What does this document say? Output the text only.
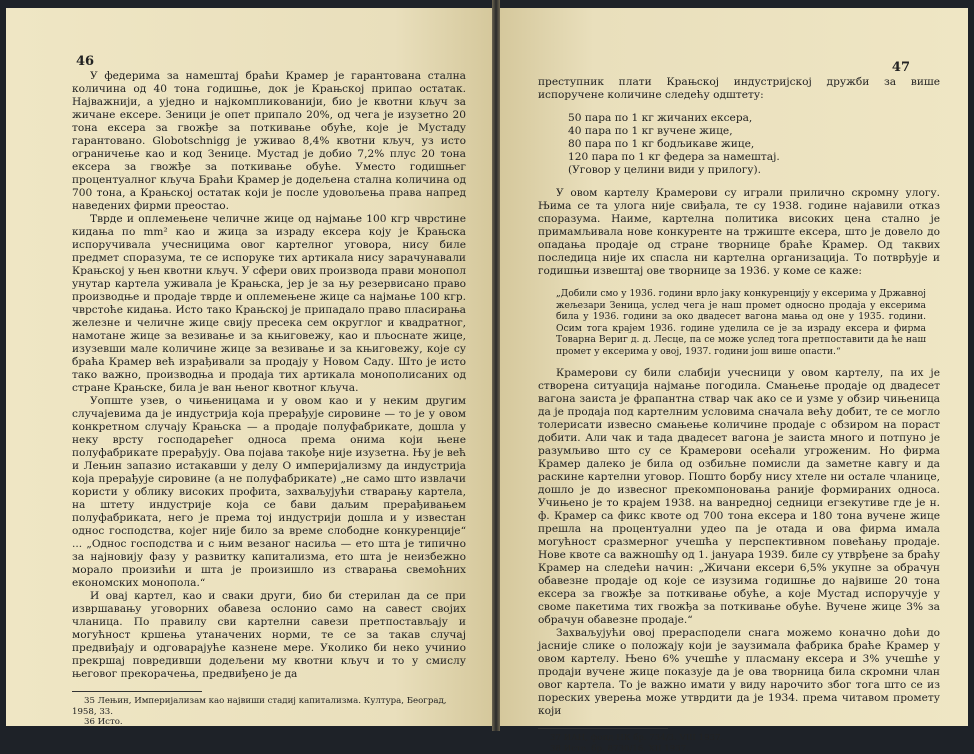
46

У федерима за намештај браћи Крамер је гарантована стална количина од 40 тона годишње, док је Крањској припао остатак. Најважнији, а уједно и најкомпликованији, био је квотни кључ за жичане ексере. Зеници је опет припало 20%, од чега је изузетно 20 тона ексера за гвожђе за поткивање обуће, које је Мустаду гарантовано. Globotschnigg је уживао 8,4% квотни кључ, уз исто ограничење као и код Зенице. Мустад је добио 7,2% плус 20 тона ексера за гвожђе за поткивање обуће. Уместо годишњег процентуалног кључа Браћи Крамер је додељена стална количина од 700 тона, а Крањској остатак који је после удовољења права напред наведених фирми преостао.

Тврде и оплемењене челичне жице од најмање 100 кгр чврстине кидања по mm² као и жица за израду ексера коју је Крањска испоручивала учесницима овог картелног уговора, нису биле предмет споразума, те се испоруке тих артикала нису зарачунавали Крањској у њен квотни кључ. У сфери ових производа прави монопол унутар картела уживала је Крањска, јер је за њу резервисано право производње и продаје тврде и оплемењене жице са најмање 100 кгр. чврстоће кидања. Исто тако Крањској је припадало право пласирања железне и челичне жице свију пресека сем округлог и квадратног, намотане жице за везивање и за књиговежу, као и пљоснате жице, изузевши мале количине жице за везивање и за књиговежу, које су браћа Крамер већ израђивали за продају у Новом Саду. Што је исто тако важно, производња и продаја тих артикала монополисаних од стране Крањске, била је ван њеног квотног кључа.

Уопште узев, о чињеницама и у овом као и у неким другим случајевима да је индустрија која прерађује сировине — то је у овом конкретном случају Крањска — а продаје полуфабрикате, дошла у неку врсту господарећег односа према онима који њене полуфабрикате прерађују. Ова појава такође није изузетна. Њу је већ и Лењин запазио истакавши у делу О империјализму да индустрија која прерађује сировине (а не полуфабрикате) „не само што извлачи користи у облику високих профита, захваљујући стварању картела, на штету индустрије која се бави даљим прерађивањем полуфабриката, него је према тој индустрији дошла и у известан однос господства, којег није било за време слободне конкуренције“ ... „Однос господства и с њим везаног насиља — ето шта је типично за најновију фазу у развитку капитализма, ето шта је неизбежно морало произићи и шта је произишло из стварања свемоћних економских монопола.“

И овај картел, као и сваки други, био би стерилан да се при извршавању уговорних обавеза ослонио само на савест својих чланица. По правилу сви картелни савези претпостављају и могућност кршења утаначених норми, те се за такав случај предвиђају и одговарајуће казнене мере. Уколико би неко учинио прекршај повредивши додељени му квотни кључ и то у смислу његовог прекорачења, предвиђено је да

35 Лењин, Империјализам као највиши стадиј капитализма. Култура, Београд, 1958, 33.
36 Исто.
47

преступник плати Крањској индустријској дружби за више испоручене количине следећу одштету:

50 пара по 1 кг жичаних ексера,
40 пара по 1 кг вучене жице,
80 пара по 1 кг бодљикаве жице,
120 пара по 1 кг федера за намештај.
(Уговор у целини види у прилогу).

У овом картелу Крамерови су играли прилично скромну улогу. Њима се та улога није свиђала, те су 1938. године најавили отказ споразума. Наиме, картелна политика високих цена стално је примамљивала нове конкуренте на тржиште ексера, што је довело до опадања продаје од стране творнице браће Крамер. Од таквих последица није их спасла ни картелна организација. То потврђује и годишњи извештај ове творнице за 1936. у коме се каже:

„Добили смо у 1936. години врло јаку конкуренцију у ексерима у Државној жељезари Зеница, услед чега је наш промет односно продаја у ексерима била у 1936. години за око двадесет вагона мања од оне у 1935. години. Осим тога крајем 1936. године уделила се је за израду ексера и фирма Товарна Вериг д. д. Лесце, па се може услед тога претпоставити да ће наш промет у ексерима у овој, 1937. години још више опасти.“

Крамерови су били слабији учесници у овом картелу, па их је створена ситуација најмање погодила. Смањење продаје од двадесет вагона заиста је фрапантна ствар чак ако се и узме у обзир чињеница да је продаја под картелним условима сначала већу добит, те се могло толерисати извесно смањење количине продаје с обзиром на пораст добити. Али чак и тада двадесет вагона је заиста много и потпуно је разумљиво што су се Крамерови осећали угроженим. Но фирма Крамер далеко је била од озбиљне помисли да заметне кавгу и да раскине картелни уговор. Пошто борбу нису хтеле ни остале чланице, дошло је до извесног прекомпоновања раније формираних односа. Учињено је то крајем 1938. на ванредној седници егзекутиве где је н. ф. Крамер са фикс квоте од 700 тона ексера и 180 тона вучене жице прешла на процентуални удео па је отада и ова фирма имала могућност сразмерног учешћа у перспективном повећању продаје. Нове квоте са важношћу од 1. јануара 1939. биле су утврђене за браћу Крамер на следећи начин: „Жичани ексери 6,5% укупне за обрачун обавезне продаје од које се изузима годишње до највише 20 тона ексера за гвожђе за поткивање обуће, а које Мустад испоручује у своме пакетима тих гвожђа за поткивање обуће. Вучене жице 3% за обрачун обавезне продаје.“

Захваљујући овој прерасподели снага можемо коначно доћи до јасније слике о положају који је заузимала фабрика браће Крамер у овом картелу. Њено 6% учешће у пласману ексера и 3% учешће у продаји вучене жице показује да је ова творница била скромни члан овог картела. То је важно имати у виду нарочито због тога што се из пореских уверења може утврдити да је 1934. према читавом промету који

37 ИАН, фонд НК бр. 734/3. VIII 1937.
38 Исто, бр. 8730/16. XII 1937.
